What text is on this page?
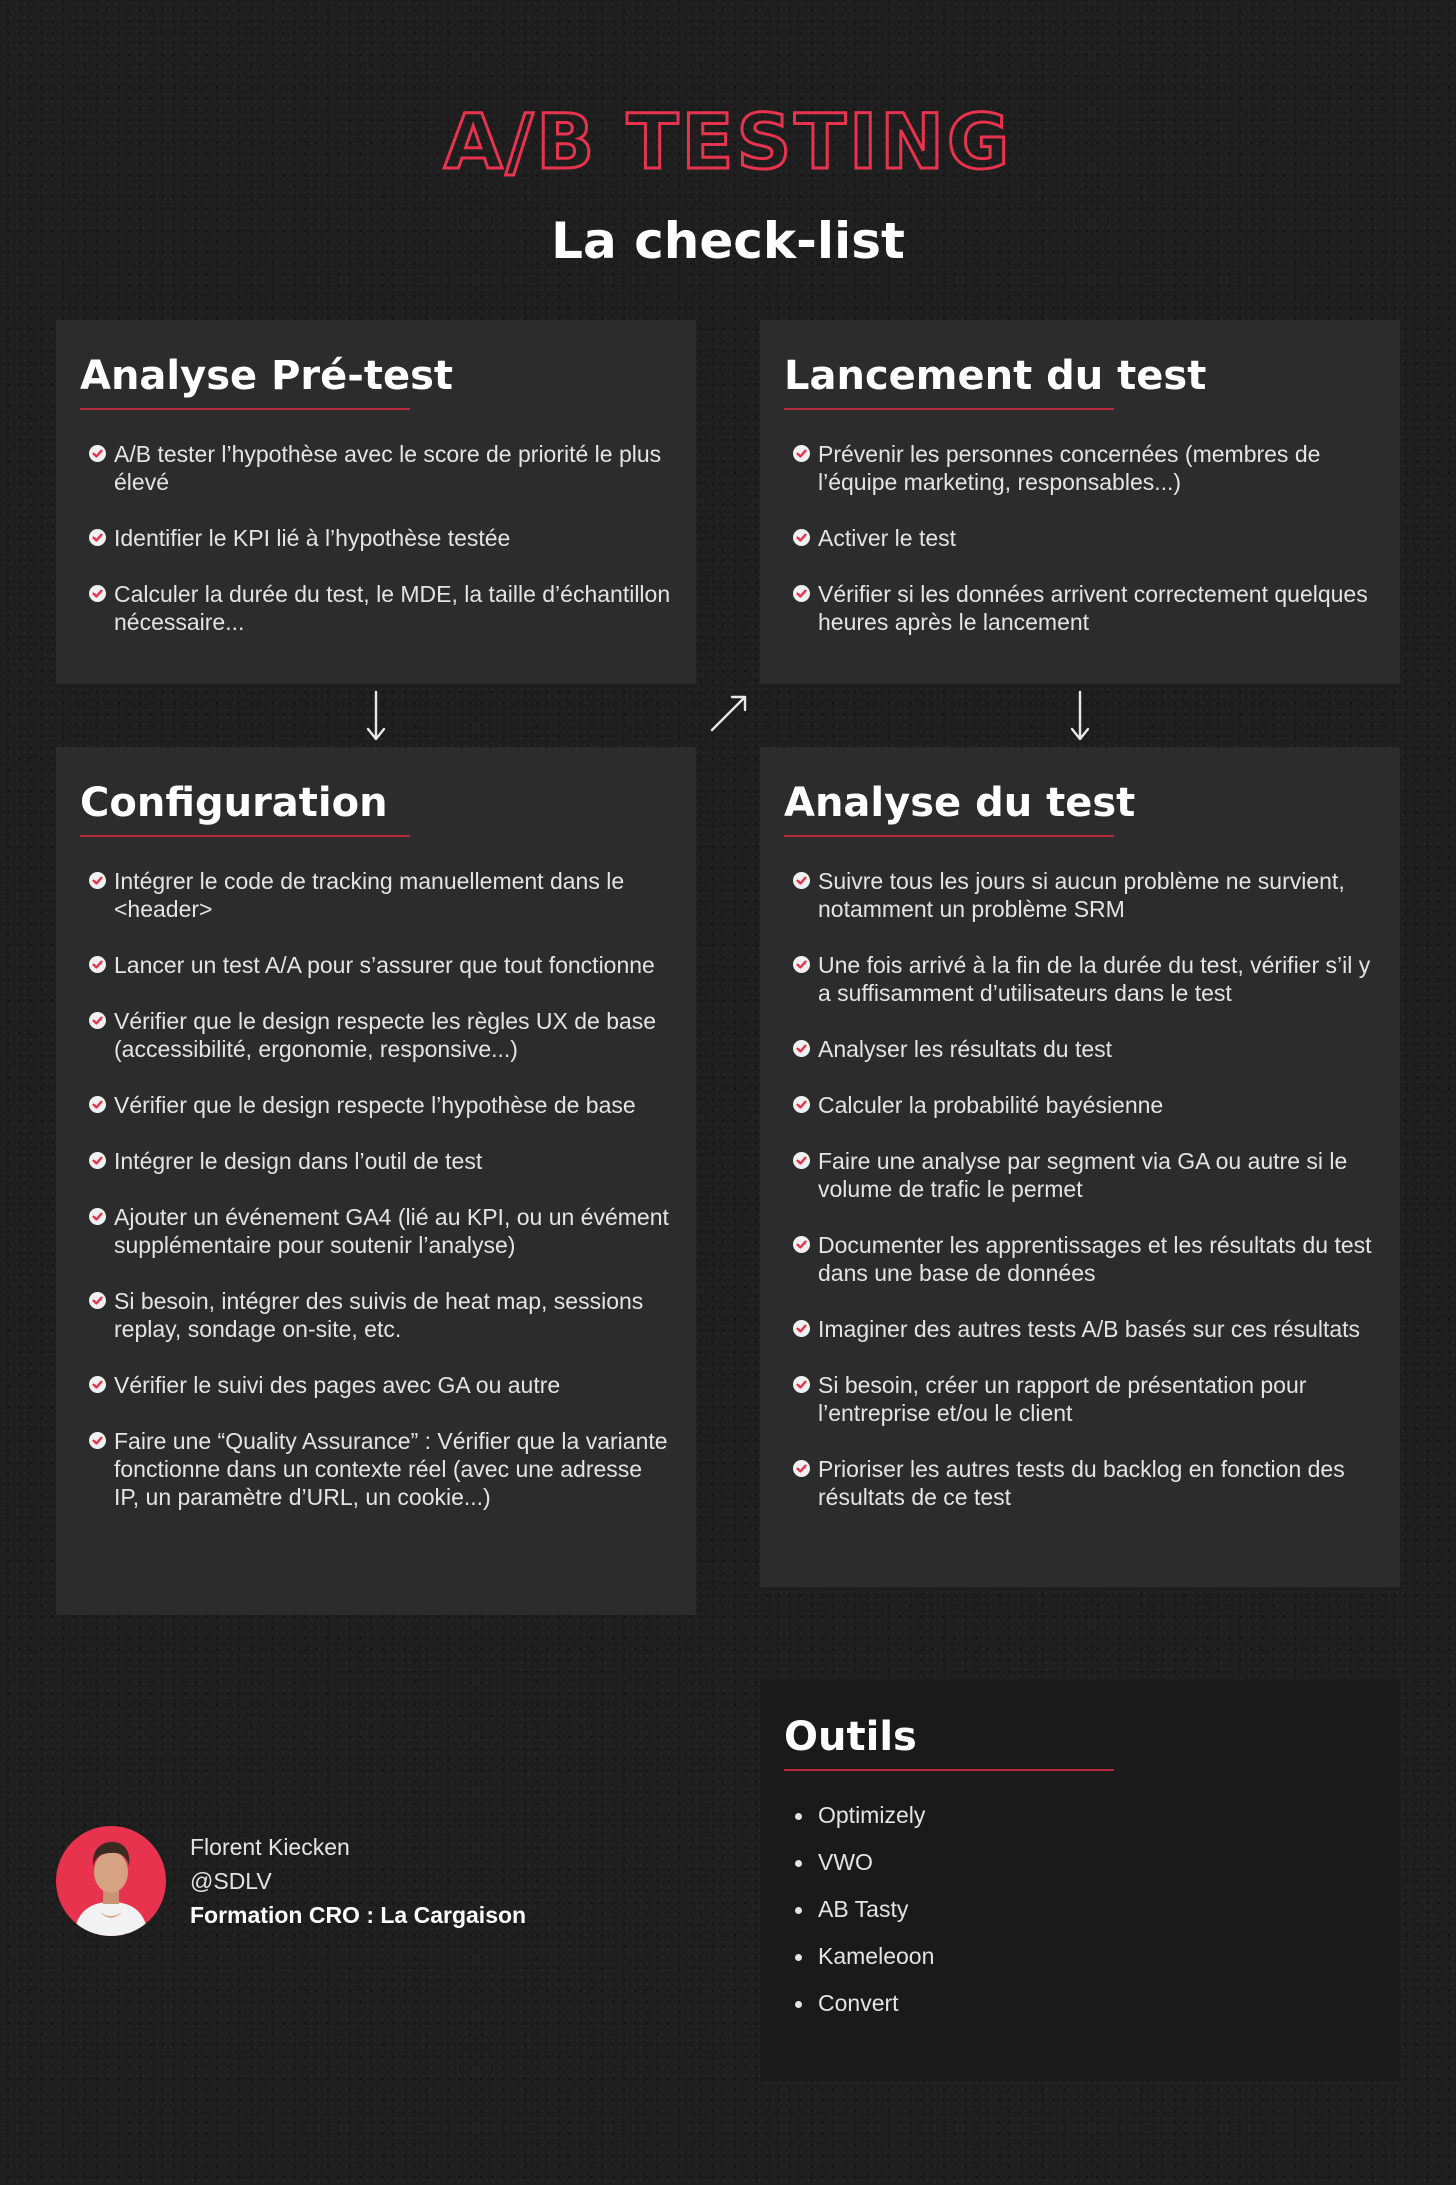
A/B TESTING
La check-list
Analyse Pré-test
A/B tester l’hypothèse avec le score de priorité le plus élevé
Identifier le KPI lié à l’hypothèse testée
Calculer la durée du test, le MDE, la taille d’échantillon nécessaire...
Lancement du test
Prévenir les personnes concernées (membres de l’équipe marketing, responsables...)
Activer le test
Vérifier si les données arrivent correctement quelques heures après le lancement
Configuration
Intégrer le code de tracking manuellement dans le <header>
Lancer un test A/A pour s’assurer que tout fonctionne
Vérifier que le design respecte les règles UX de base (accessibilité, ergonomie, responsive...)
Vérifier que le design respecte l’hypothèse de base
Intégrer le design dans l’outil de test
Ajouter un événement GA4 (lié au KPI, ou un évément supplémentaire pour soutenir l’analyse)
Si besoin, intégrer des suivis de heat map, sessions replay, sondage on-site, etc.
Vérifier le suivi des pages avec GA ou autre
Faire une “Quality Assurance” : Vérifier que la variante fonctionne dans un contexte réel (avec une adresse IP, un paramètre d’URL, un cookie...)
Analyse du test
Suivre tous les jours si aucun problème ne survient, notamment un problème SRM
Une fois arrivé à la fin de la durée du test, vérifier s’il y a suffisamment d’utilisateurs dans le test
Analyser les résultats du test
Calculer la probabilité bayésienne
Faire une analyse par segment via GA ou autre si le volume de trafic le permet
Documenter les apprentissages et les résultats du test dans une base de données
Imaginer des autres tests A/B basés sur ces résultats
Si besoin, créer un rapport de présentation pour l’entreprise et/ou le client
Prioriser les autres tests du backlog en fonction des résultats de ce test
Outils
Optimizely
VWO
AB Tasty
Kameleoon
Convert
Florent Kiecken
@SDLV
Formation CRO : La Cargaison
